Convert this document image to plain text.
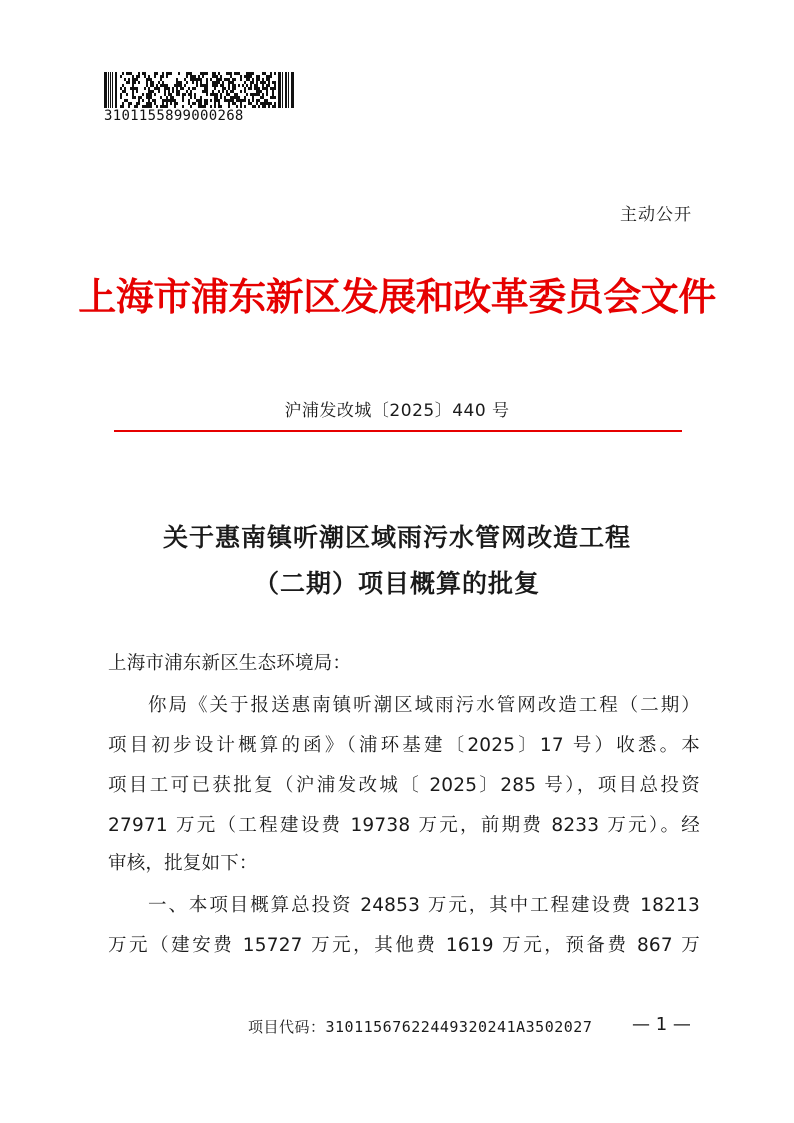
3101155899000268
主动公开
上海市浦东新区发展和改革委员会文件
沪浦发改城〔2025〕440 号
关于惠南镇听潮区域雨污水管网改造工程
（二期）项目概算的批复
上海市浦东新区生态环境局：
你局《关于报送惠南镇听潮区域雨污水管网改造工程（二期）
项目初步设计概算的函》（浦环基建〔2025〕17 号）收悉。本
项目工可已获批复（沪浦发改城〔 2025〕285 号），项目总投资
27971 万元（工程建设费 19738 万元，前期费 8233 万元）。经
审核，批复如下：
一、本项目概算总投资 24853 万元，其中工程建设费 18213
万元（建安费 15727 万元，其他费 1619 万元，预备费 867 万
项目代码：31011567622449320241A3502027 — 1 —
